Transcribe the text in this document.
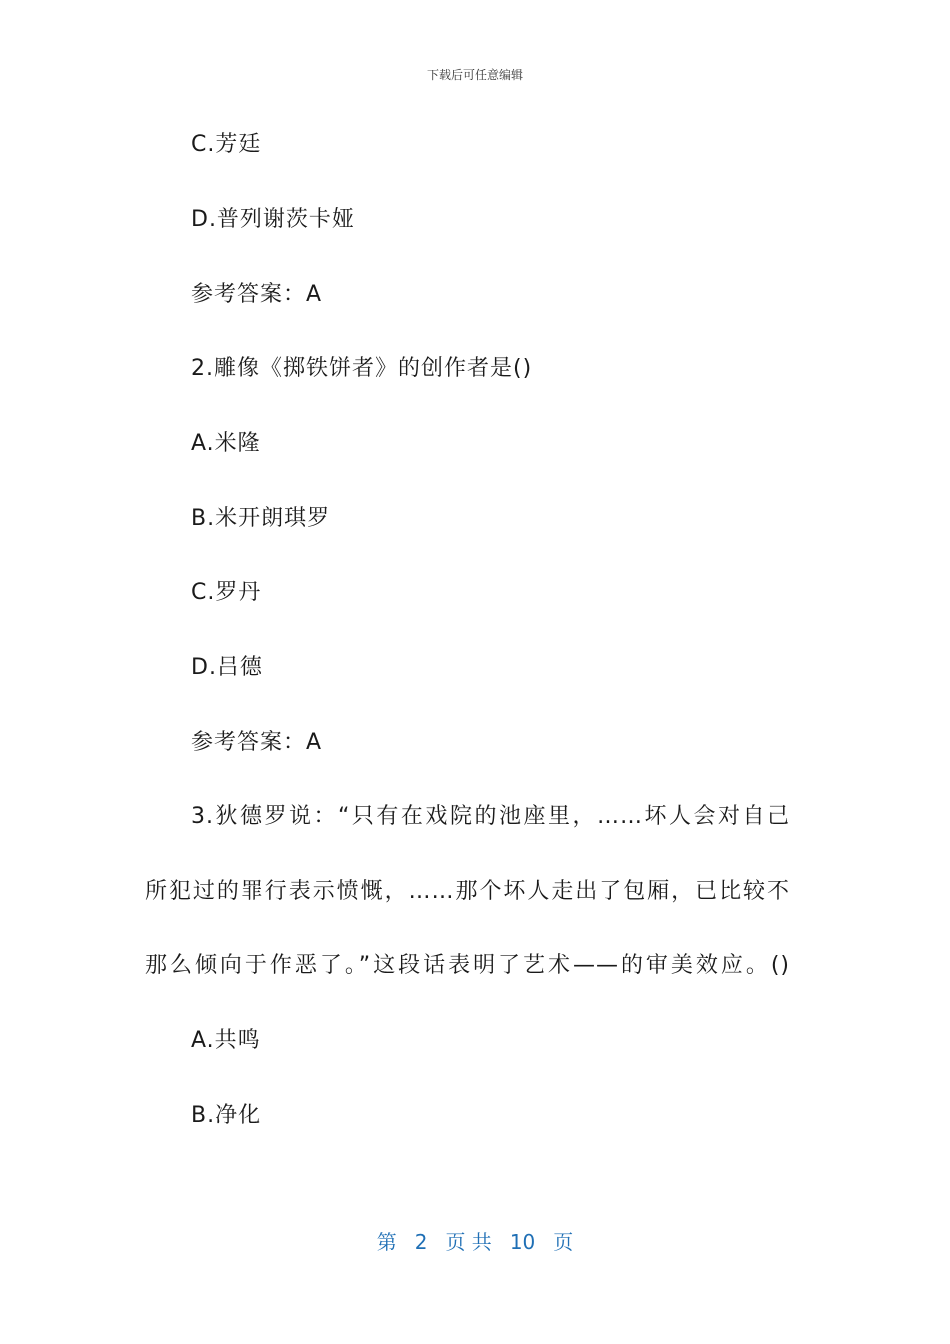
下载后可任意编辑
C.芳廷
D.普列谢茨卡娅
参考答案：A
2.雕像《掷铁饼者》的创作者是()
A.米隆
B.米开朗琪罗
C.罗丹
D.吕德
参考答案：A
3.狄德罗说：“只有在戏院的池座里，……坏人会对自己
所犯过的罪行表示愤慨，……那个坏人走出了包厢，已比较不
那么倾向于作恶了。”这段话表明了艺术——的审美效应。()
A.共鸣
B.净化
第 2 页 共 10 页
